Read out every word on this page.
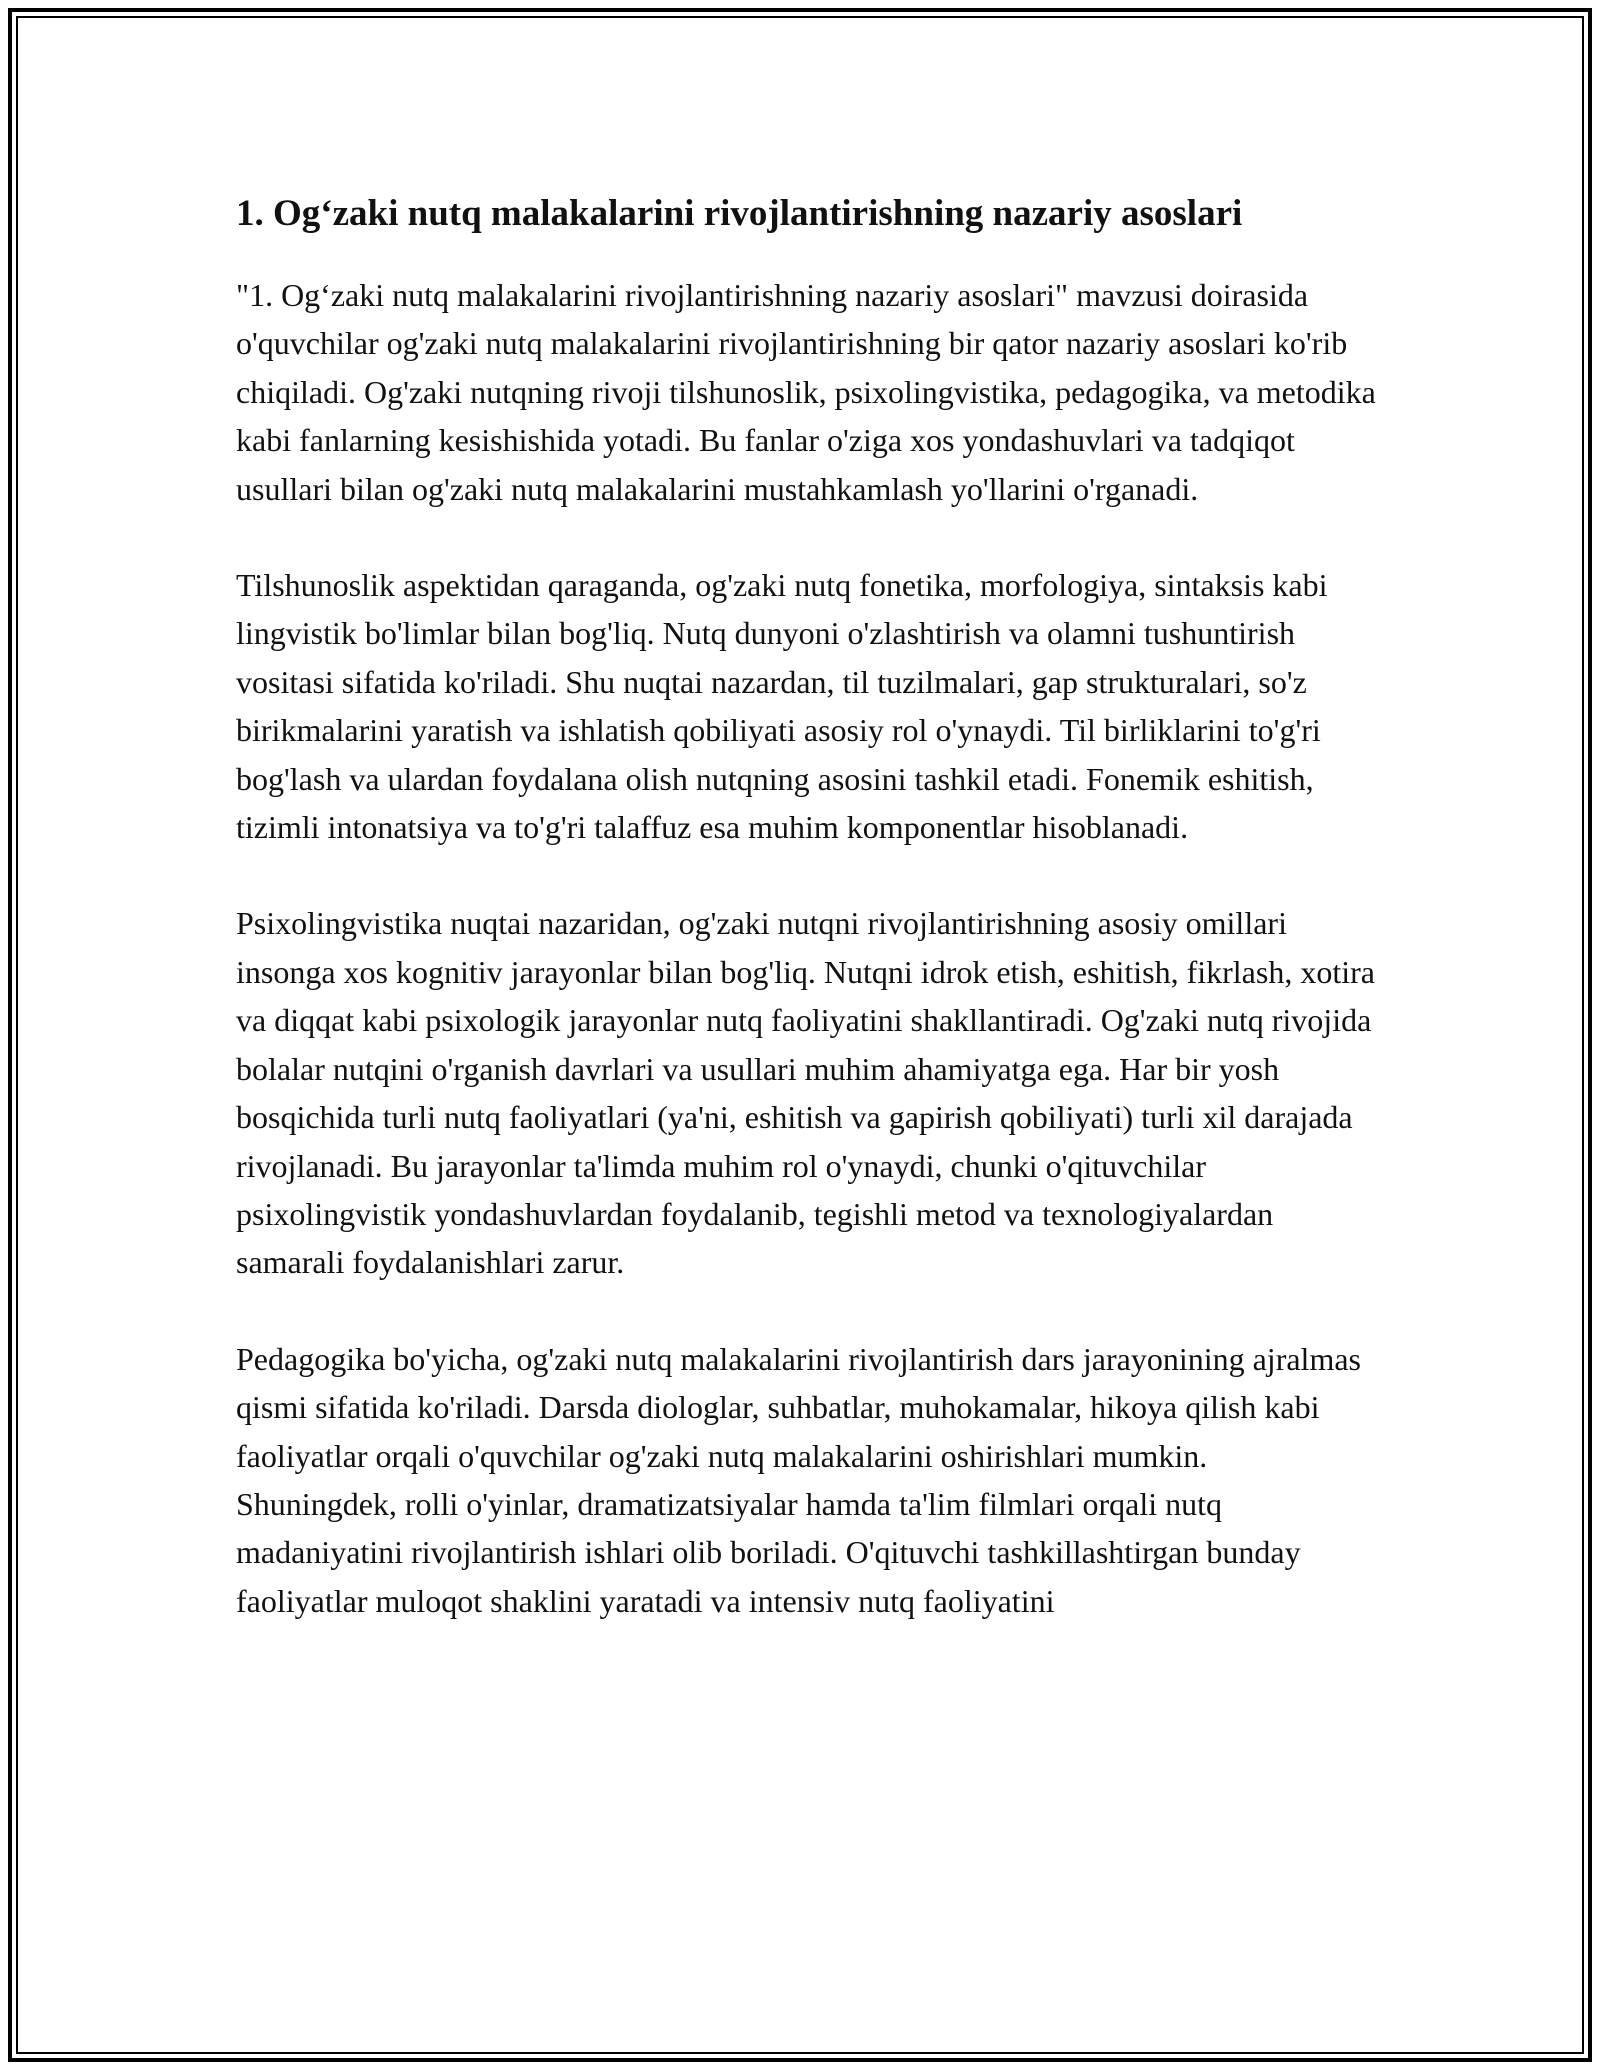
1. Og‘zaki nutq malakalarini rivojlantirishning nazariy asoslari

"1. Og‘zaki nutq malakalarini rivojlantirishning nazariy asoslari" mavzusi doirasida o'quvchilar og'zaki nutq malakalarini rivojlantirishning bir qator nazariy asoslari ko'rib chiqiladi. Og'zaki nutqning rivoji tilshunoslik, psixolingvistika, pedagogika, va metodika kabi fanlarning kesishishida yotadi. Bu fanlar o'ziga xos yondashuvlari va tadqiqot usullari bilan og'zaki nutq malakalarini mustahkamlash yo'llarini o'rganadi.

Tilshunoslik aspektidan qaraganda, og'zaki nutq fonetika, morfologiya, sintaksis kabi lingvistik bo'limlar bilan bog'liq. Nutq dunyoni o'zlashtirish va olamni tushuntirish vositasi sifatida ko'riladi. Shu nuqtai nazardan, til tuzilmalari, gap strukturalari, so'z birikmalarini yaratish va ishlatish qobiliyati asosiy rol o'ynaydi. Til birliklarini to'g'ri bog'lash va ulardan foydalana olish nutqning asosini tashkil etadi. Fonemik eshitish, tizimli intonatsiya va to'g'ri talaffuz esa muhim komponentlar hisoblanadi.

Psixolingvistika nuqtai nazaridan, og'zaki nutqni rivojlantirishning asosiy omillari insonga xos kognitiv jarayonlar bilan bog'liq. Nutqni idrok etish, eshitish, fikrlash, xotira va diqqat kabi psixologik jarayonlar nutq faoliyatini shakllantiradi. Og'zaki nutq rivojida bolalar nutqini o'rganish davrlari va usullari muhim ahamiyatga ega. Har bir yosh bosqichida turli nutq faoliyatlari (ya'ni, eshitish va gapirish qobiliyati) turli xil darajada rivojlanadi. Bu jarayonlar ta'limda muhim rol o'ynaydi, chunki o'qituvchilar psixolingvistik yondashuvlardan foydalanib, tegishli metod va texnologiyalardan samarali foydalanishlari zarur.

Pedagogika bo'yicha, og'zaki nutq malakalarini rivojlantirish dars jarayonining ajralmas qismi sifatida ko'riladi. Darsda diologlar, suhbatlar, muhokamalar, hikoya qilish kabi faoliyatlar orqali o'quvchilar og'zaki nutq malakalarini oshirishlari mumkin. Shuningdek, rolli o'yinlar, dramatizatsiyalar hamda ta'lim filmlari orqali nutq madaniyatini rivojlantirish ishlari olib boriladi. O'qituvchi tashkillashtirgan bunday faoliyatlar muloqot shaklini yaratadi va intensiv nutq faoliyatini
